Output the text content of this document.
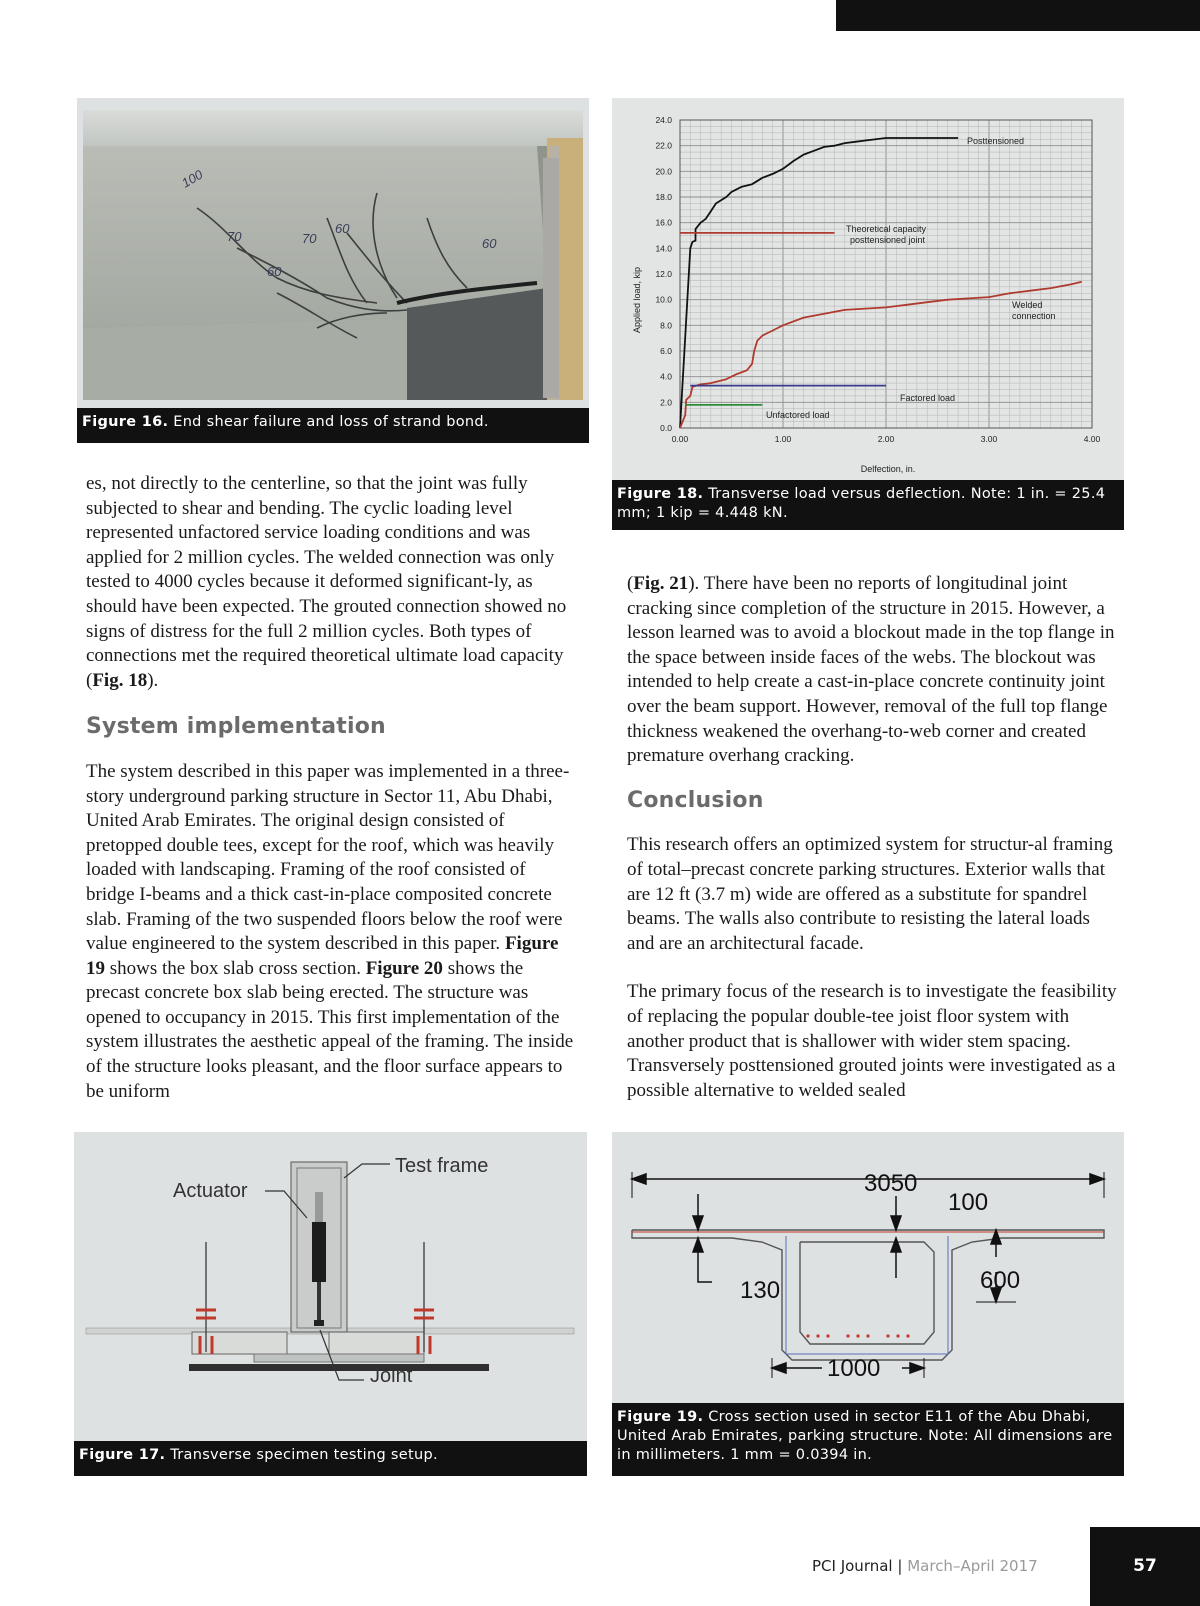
100
70	70
60
60
60
Figure 16. End shear failure and loss of strand bond.
0.00	1.00	2.00	3.00	4.00
0.0
2.0
4.0
6.0
8.0
10.0
12.0
14.0
16.0
18.0
20.0
22.0
24.0
Posttensioned
Theoretical capacity
posttensioned joint
Welded
connection
Factored load
Unfactored load
Delfection, in.
Applied load, kip
Figure 18. Transverse load versus deflection. Note: 1 in. = 25.4 mm; 1 kip = 4.448 kN.

es, not directly to the centerline, so that the joint was fully subjected to shear and bending. The cyclic loading level represented unfactored service loading conditions and was applied for 2 million cycles. The welded connection was only tested to 4000 cycles because it deformed significant-ly, as should have been expected. The grouted connection showed no signs of distress for the full 2 million cycles. Both types of connections met the required theoretical ultimate load capacity (Fig. 18).

System implementation

The system described in this paper was implemented in a three-story underground parking structure in Sector 11, Abu Dhabi, United Arab Emirates. The original design consisted of pretopped double tees, except for the roof, which was heavily loaded with landscaping. Framing of the roof consisted of bridge I-beams and a thick cast-in-place composited concrete slab. Framing of the two suspended floors below the roof were value engineered to the system described in this paper. Figure 19 shows the box slab cross section. Figure 20 shows the precast concrete box slab being erected. The structure was opened to occupancy in 2015. This first implementation of the system illustrates the aesthetic appeal of the framing. The inside of the structure looks pleasant, and the floor surface appears to be uniform

(Fig. 21). There have been no reports of longitudinal joint cracking since completion of the structure in 2015. However, a lesson learned was to avoid a blockout made in the top flange in the space between inside faces of the webs. The blockout was intended to help create a cast-in-place concrete continuity joint over the beam support. However, removal of the full top flange thickness weakened the overhang-to-web corner and created premature overhang cracking.

Conclusion

This research offers an optimized system for structur-al framing of total–precast concrete parking structures. Exterior walls that are 12 ft (3.7 m) wide are offered as a substitute for spandrel beams. The walls also contribute to resisting the lateral loads and are an architectural facade.

The primary focus of the research is to investigate the feasibility of replacing the popular double-tee joist floor system with another product that is shallower with wider stem spacing. Transversely posttensioned grouted joints were investigated as a possible alternative to welded sealed

Actuator
Test frame
Joint
Figure 17. Transverse specimen testing setup.
3050
100
130	600
1000
Figure 19. Cross section used in sector E11 of the Abu Dhabi, United Arab Emirates, parking structure. Note: All dimensions are in millimeters. 1 mm = 0.0394 in.
PCI Journal | March–April 2017	57
